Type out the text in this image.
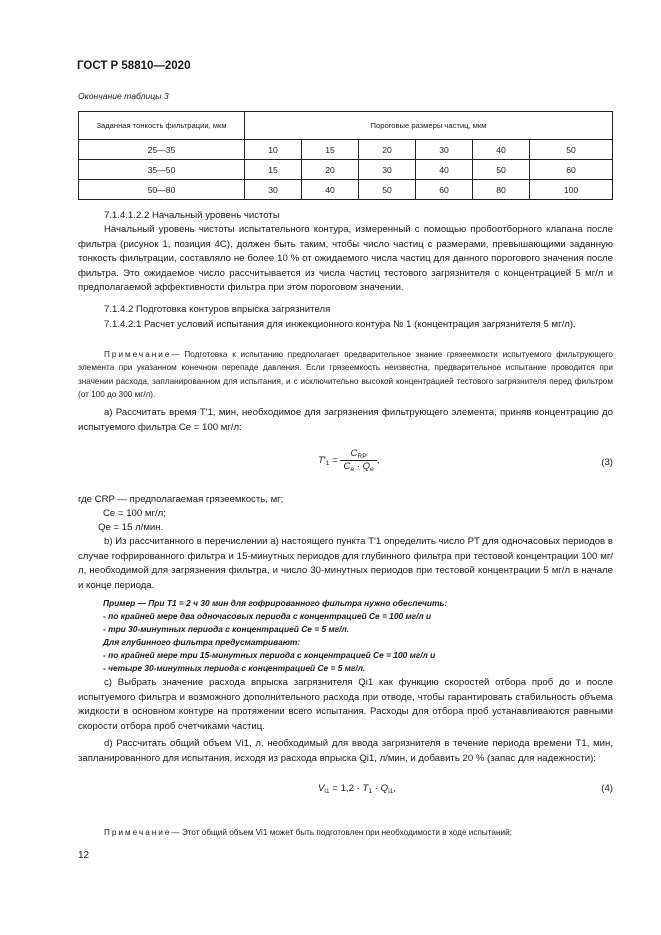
ГОСТ Р 58810—2020
Окончание таблицы 3
Заданная тонкость фильтрации, мкм	Пороговые размеры частиц, мкм					
25—35	10	15	20	30	40	50
35—50	15	20	30	40	50	60
50—80	30	40	50	60	80	100
7.1.4.1.2.2 Начальный уровень чистоты
Начальный уровень чистоты испытательного контура, измеренный с помощью пробоотборного клапана после фильтра (рисунок 1, позиция 4С), должен быть таким, чтобы число частиц с размерами, превышающими заданную тонкость фильтрации, составляло не более 10 % от ожидаемого числа частиц для данного порогового значения после фильтра. Это ожидаемое число рассчитывается из числа частиц тестового загрязнителя с концентрацией 5 мг/л и предполагаемой эффективности фильтра при этом пороговом значении.
7.1.4.2 Подготовка контуров впрыска загрязнителя
7.1.4.2.1 Расчет условий испытания для инжекционного контура № 1 (концентрация загрязнителя 5 мг/л).
Примечание— Подготовка к испытанию предполагает предварительное знание грязеемкости испытуемого фильтрующего элемента при указанном конечном перепаде давления. Если грязеемкость неизвестна, предварительное испытание проводится при значении расхода, запланированном для испытания, и с исключительно высокой концентрацией тестового загрязнителя перед фильтром (от 100 до 300 мг/л).
а) Рассчитать время T′1, мин, необходимое для загрязнения фильтрующего элемента, приняв концентрацию до испытуемого фильтра Ce = 100 мг/л:
$T'_1 = \frac{C_{RP}}{C_e \cdot Q_e}$ ,	(3)
где CRP — предполагаемая грязеемкость, мг;
Ce = 100 мг/л;
Qe = 15 л/мин.
b) Из рассчитанного в перечислении а) настоящего пункта T′1 определить число PT для одночасовых периодов в случае гофрированного фильтра и 15-минутных периодов для глубинного фильтра при тестовой концентрации 100 мг/л, необходимой для загрязнения фильтра, и число 30-минутных периодов при тестовой концентрации 5 мг/л в начале и конце периода.
Пример — При T1 = 2 ч 30 мин для гофрированного фильтра нужно обеспечить:
- по крайней мере два одночасовых периода с концентрацией Ce = 100 мг/л и
- три 30-минутных периода с концентрацией Ce = 5 мг/л.
Для глубинного фильтра предусматривают:
- по крайней мере три 15-минутных периода с концентрацией Ce = 100 мг/л и
- четыре 30-минутных периода с концентрацией Ce = 5 мг/л.
с) Выбрать значение расхода впрыска загрязнителя Qi1 как функцию скоростей отбора проб до и после испытуемого фильтра и возможного дополнительного расхода при отводе, чтобы гарантировать стабильность объема жидкости в основном контуре на протяжении всего испытания. Расходы для отбора проб устанавливаются равными скорости отбора проб счетчиками частиц.
d) Рассчитать общий объем Vi1, л, необходимый для ввода загрязнителя в течение периода времени T1, мин, запланированного для испытания, исходя из расхода впрыска Qi1, л/мин, и добавить 20 % (запас для надежности):
$V_{i1} = 1,2 \cdot T_1 \cdot Q_{i1}$,	(4)
Примечание— Этот общий объем Vi1 может быть подготовлен при необходимости в ходе испытаний;
12
